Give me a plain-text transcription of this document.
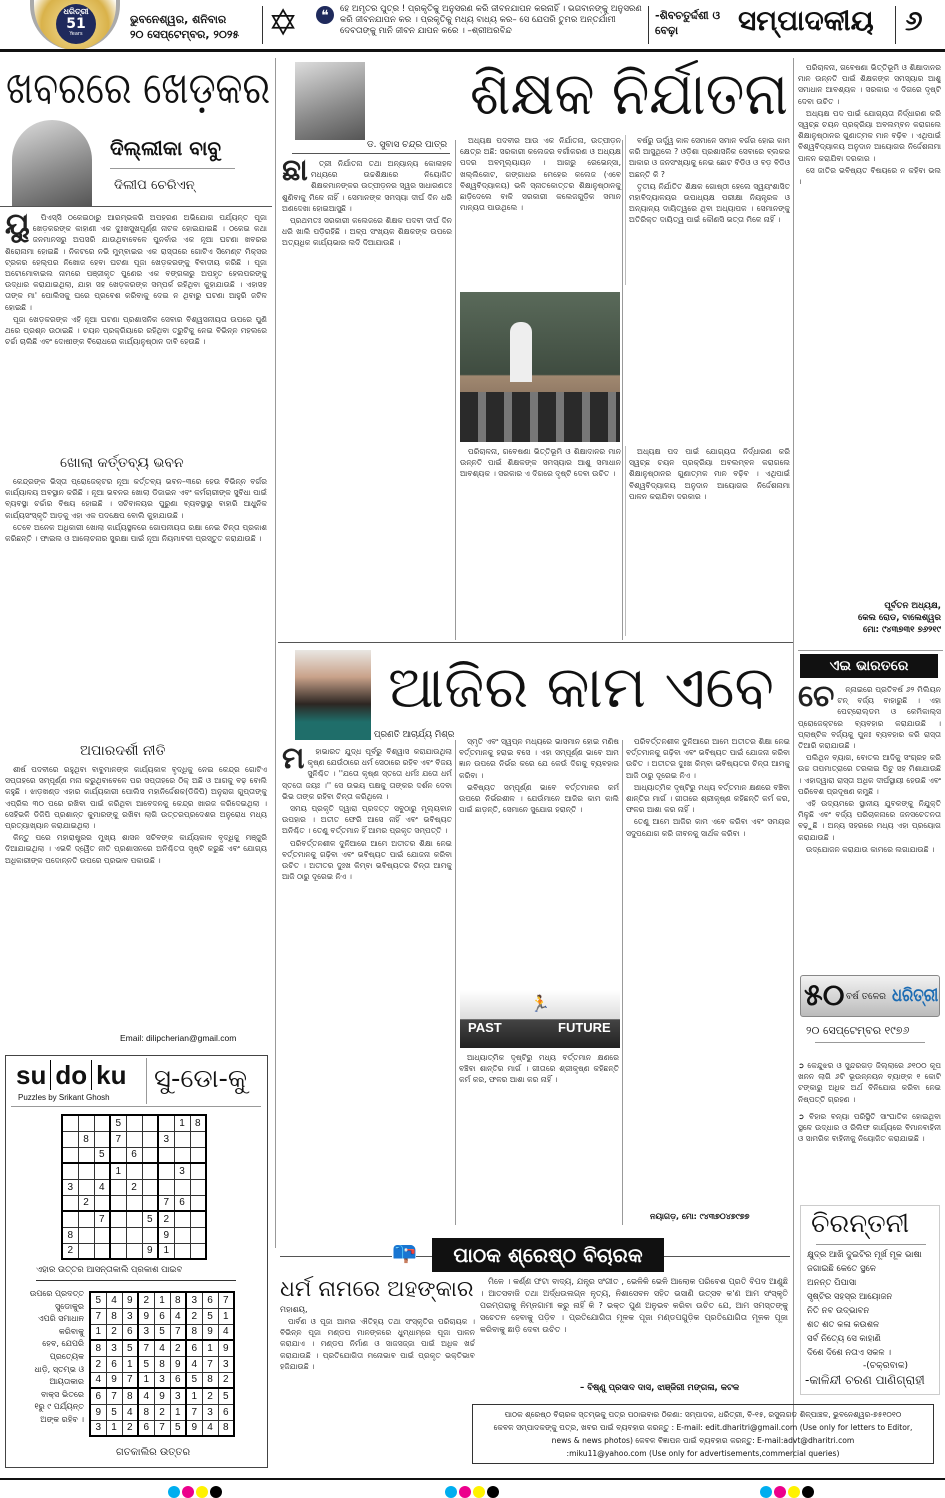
ଧରିତ୍ରୀ
51
Years
ଭୁବନେଶ୍ୱର, ଶନିବାର
୨୦ ସେପ୍ଟେମ୍ବର, ୨୦୨୫ ✡	❝	ହେ ଅମୃତର ପୁତ୍ର ! ପ୍ରକୃତିକୁ ଅନୁସରଣ କରି ଜୀବନଯାପନ କରନାହିଁ । ଭଗବାନଙ୍କୁ ଅନୁସରଣ କରି ଜୀବନଯାପନ କର । ପ୍ରକୃତିକୁ ମଧ୍ୟ ବାଧ୍ୟ କର– ସେ ଯେପରି ତୁମର ଅନ୍ତର୍ଯାମୀ ଦେବତାଙ୍କୁ ମାନି ଜୀବନ ଯାପନ କରେ । –ଶ୍ରୀଅରବିନ୍ଦ
-ଶିବଚତୁର୍ଦ୍ଦଶୀ ଓ ବେଢ଼ା	ସମ୍ପାଦକୀୟ	୬
ଖବରରେ ଖେଡ଼କର
ଦିଲ୍ଲୀକା ବାବୁ
ଦିଲୀପ ଚେରିଏନ୍
ୟୁ	ପିଏସ୍‌ସି ଠକେଇଠାରୁ ଆରମ୍ଭକରି ଅପହରଣ ଅଭିଯୋଗ ପର୍ଯ୍ୟନ୍ତ ପୂଜା ଖେଡ଼କରଙ୍କ କାହାଣୀ ଏକ ଦୁଃଖସୁଖପୂର୍ଣ୍ଣ ନାଟକ ହୋଇଯାଇଛି । ଠକେଇ କଥା ଜନମାନସରୁ ଅପସରି ଯାଉଥିବାବେଳେ ପୁନର୍ବାର ଏକ ନୂଆ ଘଟଣା ଖବରର ଶିରୋନାମା ହୋଇଛି । ନିକଟରେ ନଭି ମୁମ୍ବାଇର ଏକ ରାସ୍ତାରେ ଗୋଟିଏ ସିମେଣ୍ଟ ମିକ୍ସର ଟ୍ରକର ହେଲ୍‌ପର ନିଖୋଜ ହେବା ଘଟଣା ପୂଜା ଖେଡ଼କରଙ୍କୁ ବିବାଦୀୟ କରିଛି । ପୂଜା ଅଟୋମୋବାଇଲ ନାମରେ ପଞ୍ଜୀକୃତ ପୁଣେର ଏକ ବଙ୍ଗଳାରୁ ଅପହୃତ ହେଲପରଙ୍କୁ ଉଦ୍ଧାର କରାଯାଇଥିଲା, ଯାହା ସହ ଖେଡ଼କରଙ୍କ ସମ୍ପର୍କ ରହିଥିବା କୁହାଯାଉଛି । ଏହାସହ ତାଙ୍କ ମା' ପୋଲିସକୁ ଘରେ ପ୍ରବେଶ କରିବାକୁ ଦେଇ ନ ଥିବାରୁ ଘଟଣା ଆହୁରି ଜଟିଳ ହୋଇଛି ।

ପୂଜା ଖେଡ଼କରଙ୍କ ଏହି ନୂଆ ଘଟଣା ପ୍ରଶାସନିକ ସେବାର ବିଶ୍ୱସନୀୟତା ଉପରେ ପୁଣି ଥରେ ପ୍ରଶ୍ନ ଉଠାଇଛି । ଚୟନ ପ୍ରକ୍ରିୟାରେ ରହିଥିବା ତ୍ରୁଟିକୁ ନେଇ ବିଭିନ୍ନ ମହଲରେ ଚର୍ଚ୍ଚା ଚାଲିଛି ଏବଂ ଦୋଷୀଙ୍କ ବିରୋଧରେ କାର୍ଯ୍ୟାନୁଷ୍ଠାନ ଦାବି ହେଉଛି ।

ଖୋଲା କର୍ତ୍ତବ୍ୟ ଭବନ

କେନ୍ଦ୍ରଙ୍କ ଭିସ୍ତା ପ୍ରୋଜେକ୍ଟର ନୂଆ କର୍ତ୍ତବ୍ୟ ଭବନ–୩ରେ ହେଉ ବିଭିନ୍ନ ବର୍ଗର କାର୍ଯ୍ୟାଳୟ ଅବସ୍ଥାନ କରିଛି । ନୂଆ ଭବନର ଖୋଲା ଡିଜାଇନ ଏବଂ କର୍ମଚାରୀଙ୍କ ସୁବିଧା ପାଇଁ ବ୍ୟବସ୍ଥା ଚର୍ଚ୍ଚାର ବିଷୟ ହୋଇଛି । ସଚିବାଳୟର ପୁରୁଣା ବ୍ୟବସ୍ଥାରୁ ବାହାରି ଆଧୁନିକ କାର୍ଯ୍ୟସଂସ୍କୃତି ଆଡ଼କୁ ଏହା ଏକ ପଦକ୍ଷେପ ବୋଲି କୁହାଯାଉଛି ।

ତେବେ ଅନେକ ଅଧିକାରୀ ଖୋଲା କାର୍ଯ୍ୟସ୍ଥଳରେ ଗୋପନୀୟତା ରକ୍ଷା ନେଇ ଚିନ୍ତା ପ୍ରକାଶ କରିଛନ୍ତି । ଫାଇଲ ଓ ଆଲୋଚନାର ସୁରକ୍ଷା ପାଇଁ ନୂଆ ନିୟମାବଳୀ ପ୍ରସ୍ତୁତ କରାଯାଉଛି ।

ଅପାରଦର୍ଶୀ ନୀତି

ଶୀର୍ଷ ପଦବୀରେ ରହୁଥିବା ବାବୁମାନଙ୍କ କାର୍ଯ୍ୟକାଳ ବୃଦ୍ଧିକୁ ନେଇ କେନ୍ଦ୍ର ଗୋଟିଏ ସପ୍ତାହରେ ସମ୍ପୂର୍ଣ୍ଣ ମନା କରୁଥିବାବେଳେ ପର ସପ୍ତାହରେ ଠିକ୍ ଅଛି ଓ ଆଗକୁ ବଢ଼ ବୋଲି କହୁଛି । ଝାଡ଼ଖଣ୍ଡ ଏହାର କାର୍ଯ୍ୟକାରୀ ପୋଲିସ ମହାନିର୍ଦ୍ଦେଶକ(ଡିଜିପି) ଅନୁରାଗ ଗୁପ୍ତାଙ୍କୁ ଏପ୍ରିଲ ୩୦ ପରେ ରଖିବା ପାଇଁ କରିଥିବା ଆବେଦନକୁ କେନ୍ଦ୍ର ଖାରଜ କରିଦେଇଥିଲା । ସେହିଭଳି ଡିଜିପି ପ୍ରଶାନ୍ତ କୁମାରଙ୍କୁ ରଖିବା ଲାଗି ଉତ୍ତରପ୍ରଦେଶର ଅନୁରୋଧ ମଧ୍ୟ ପ୍ରତ୍ୟାଖ୍ୟାନ କରାଯାଇଥିଲା ।

କିନ୍ତୁ ପରେ ମହାରାଷ୍ଟ୍ରର ମୁଖ୍ୟ ଶାସନ ସଚିବଙ୍କ କାର୍ଯ୍ୟକାଳ ବୃଦ୍ଧିକୁ ମଞ୍ଜୁରି ଦିଆଯାଇଥିଲା । ଏଭଳି ଦ୍ୱୈତ ନୀତି ପ୍ରଶାସନରେ ଅନିଶ୍ଚିତତା ସୃଷ୍ଟି କରୁଛି ଏବଂ ଯୋଗ୍ୟ ଅଧିକାରୀଙ୍କ ପଦୋନ୍ନତି ଉପରେ ପ୍ରଭାବ ପକାଉଛି ।

Email: dilipcherian@gmail.com
su do ku
Puzzles by Srikant Ghosh
ସୁ-ଡୋ-କୁ
			5				1	8
	8		7			3		
		5		6				
			1				3	
3		4		2				
	2					7	6	
		7			5	2		
8						9		
2					9	1		
ଏହାର ଉତ୍ତର ଆସନ୍ତାକାଲି ପ୍ରକାଶ ପାଇବ
ଉପରେ ପ୍ରଦତ୍ତ
ସୁଡୋକୁର
ଏପରି ସମାଧାନ
କରିବାକୁ
ହେବ, ଯେପରି
ପ୍ରତ୍ୟେକ
ଧାଡ଼ି, ସ୍ତମ୍ଭ ଓ
ଆୟତାକାର
ବାକ୍ସ ଭିତରେ
୧ରୁ ୯ ପର୍ଯ୍ୟନ୍ତ
ଅଙ୍କ ରହିବ ।
5	4	9	2	1	8	3	6	7
7	8	3	9	6	4	2	5	1
1	2	6	3	5	7	8	9	4
8	3	5	7	4	2	6	1	9
2	6	1	5	8	9	4	7	3
4	9	7	1	3	6	5	8	2
6	7	8	4	9	3	1	2	5
9	5	4	8	2	1	7	3	6
3	1	2	6	7	5	9	4	8
ଗତକାଲିର ଉତ୍ତର
ଡ. ସୁବାସ ଚନ୍ଦ୍ର ପାତ୍ର
ଶିକ୍ଷକ ନିର୍ଯାତନା
ଛା	ତ୍ରୀ ନିର୍ଯାତନା ତଥା ଅନ୍ୟାନ୍ୟ କୋଳାହଳ ମଧ୍ୟରେ ଉଚ୍ଚଶିକ୍ଷାରେ ନିୟୋଜିତ ଶିକ୍ଷକମାନଙ୍କର ଉତ୍ପୀଡ଼ନର ସ୍ୱର ସାଧାରଣତଃ ଶୁଣିବାକୁ ମିଳେ ନାହିଁ । ସେମାନଙ୍କ ସମସ୍ୟା ଦୀର୍ଘ ଦିନ ଧରି ଅଣଦେଖା ହୋଇଆସୁଛି ।

ପ୍ରଥମତଃ ସରକାରୀ କଲେଜରେ ଶିକ୍ଷକ ପଦବୀ ଦୀର୍ଘ ଦିନ ଧରି ଖାଲି ପଡ଼ିରହିଛି । ଅଳ୍ପ ସଂଖ୍ୟକ ଶିକ୍ଷକଙ୍କ ଉପରେ ଅତ୍ୟଧିକ କାର୍ଯ୍ୟଭାର ଲଦି ଦିଆଯାଉଛି ।

ଅଧ୍ୟକ୍ଷ ପଦବୀର ଆଉ ଏକ ନିର୍ଯାତନା, ଉତ୍ପୀଡ଼ନ କ୍ଷେତ୍ର ଅଛି: ସରକାରୀ କଲେଜର ବର୍ଗୀକରଣ ଓ ଅଧ୍ୟକ୍ଷ ପଦର ଅବମୂଲ୍ୟାୟନ । ଆଗରୁ ରେଭେନ୍ସା, ଖଲ୍ଲିକୋଟ, ଗଙ୍ଗାଧର ମେହେର କଲେଜ (ଏବେ ବିଶ୍ୱବିଦ୍ୟାଳୟ) ଭଳି ସ୍ନାତକୋତ୍ତର ଶିକ୍ଷାନୁଷ୍ଠାନକୁ ଛାଡ଼ିଦେଲେ ବାକି ସରକାରୀ କଲେଜଗୁଡ଼ିକ ସମାନ ମାନ୍ୟତା ପାଉଥିଲେ ।

ବର୍ଷରୁ ଊର୍ଦ୍ଧ୍ୱ କାଳ ସେମାନେ ସମାନ ବର୍ଗର ହୋଇ କାମ କରି ଆସୁଥିଲେ ? ଓଡ଼ିଶା ପ୍ରଶାସନିକ ସେବାରେ ବ୍ଲକର ଆକାର ଓ ଜନସଂଖ୍ୟାକୁ ନେଇ ଛୋଟ ବିଡିଓ ଓ ବଡ଼ ବିଡିଓ ଅଛନ୍ତି କି ?

ତୃତୀୟ ନିର୍ଯାତିତ ଶିକ୍ଷକ ଗୋଷ୍ଠୀ ହେଲେ ସ୍ୱୟଂଶାସିତ ମହାବିଦ୍ୟାଳୟର ଉପାଧ୍ୟକ୍ଷ ପରୀକ୍ଷା ନିୟନ୍ତ୍ରକ ଓ ଅନ୍ୟାନ୍ୟ ଦାୟିତ୍ୱରେ ଥିବା ଅଧ୍ୟାପକ । ସେମାନଙ୍କୁ ଅତିରିକ୍ତ ଦାୟିତ୍ୱ ପାଇଁ କୌଣସି ଭତ୍ତା ମିଳେ ନାହିଁ ।

ପରିଚାଳନା, ଗବେଷଣା ଭିତ୍ତିଭୂମି ଓ ଶିକ୍ଷାଦାନର ମାନ ଉନ୍ନତି ପାଇଁ ଶିକ୍ଷକଙ୍କ ସମସ୍ୟାର ଆଶୁ ସମାଧାନ ଆବଶ୍ୟକ । ସରକାର ଏ ଦିଗରେ ଦୃଷ୍ଟି ଦେବା ଉଚିତ ।

ଅଧ୍ୟକ୍ଷ ପଦ ପାଇଁ ଯୋଗ୍ୟତା ନିର୍ଦ୍ଧାରଣ କରି ସ୍ୱଚ୍ଛ ଚୟନ ପ୍ରକ୍ରିୟା ଅବଲମ୍ବନ କରାଗଲେ ଶିକ୍ଷାନୁଷ୍ଠାନର ଗୁଣାତ୍ମକ ମାନ ବଢ଼ିବ । ଏଥିପାଇଁ ବିଶ୍ୱବିଦ୍ୟାଳୟ ଅନୁଦାନ ଆୟୋଗର ନିର୍ଦ୍ଦେଶନାମା ପାଳନ କରାଯିବା ଦରକାର ।

ପରିଚାଳନା, ଗବେଷଣା ଭିତ୍ତିଭୂମି ଓ ଶିକ୍ଷାଦାନର ମାନ ଉନ୍ନତି ପାଇଁ ଶିକ୍ଷକଙ୍କ ସମସ୍ୟାର ଆଶୁ ସମାଧାନ ଆବଶ୍ୟକ । ସରକାର ଏ ଦିଗରେ ଦୃଷ୍ଟି ଦେବା ଉଚିତ ।

ଅଧ୍ୟକ୍ଷ ପଦ ପାଇଁ ଯୋଗ୍ୟତା ନିର୍ଦ୍ଧାରଣ କରି ସ୍ୱଚ୍ଛ ଚୟନ ପ୍ରକ୍ରିୟା ଅବଲମ୍ବନ କରାଗଲେ ଶିକ୍ଷାନୁଷ୍ଠାନର ଗୁଣାତ୍ମକ ମାନ ବଢ଼ିବ । ଏଥିପାଇଁ ବିଶ୍ୱବିଦ୍ୟାଳୟ ଅନୁଦାନ ଆୟୋଗର ନିର୍ଦ୍ଦେଶନାମା ପାଳନ କରାଯିବା ଦରକାର ।

ସେ ଜାତିର ଭବିଷ୍ୟତ ବିଷୟରେ ନ କହିବା ଭଲ ।

ପୂର୍ବତନ ଅଧ୍ୟକ୍ଷ,
କେଲ ରୋଡ, ବାଲେଶ୍ୱର
ମୋ: ୯୪୩୭୩୧ ୭୬୨୧୯
ଏଇ ଭାରତରେ
ଚେ	ନ୍ନାଇରେ ପ୍ରତିବର୍ଷ ୬୨ ମିଲିୟନ ଟନ୍ ବର୍ଜ୍ୟ ବାହାରୁଛି । ଏହା ପେଟ୍ରୋଲ୍ଡମ ଓ କେମିକାଲ୍ସ ପ୍ରୋଜେକ୍ଟରେ ବ୍ୟବହାର କରାଯାଉଛି । ପ୍ଲାଷ୍ଟିକ ବର୍ଜ୍ୟକୁ ପୁନଃ ବ୍ୟବହାର କରି ରାସ୍ତା ତିଆରି କରାଯାଉଛି ।

ପଲିଥିନ ବ୍ୟାଗ, ବୋତଲ ଆଦିକୁ ସଂଗ୍ରହ କରି ଉଚ୍ଚ ତାପମାତ୍ରାରେ ତରଳାଇ ପିଚୁ ସହ ମିଶାଯାଉଛି । ଏହାଦ୍ୱାରା ରାସ୍ତା ଅଧିକ ଦୀର୍ଘସ୍ଥାୟୀ ହେଉଛି ଏବଂ ପରିବେଶ ପ୍ରଦୂଷଣ କମୁଛି ।

ଏହି ଉଦ୍ୟମରେ ସ୍ଥାନୀୟ ଯୁବକଙ୍କୁ ନିଯୁକ୍ତି ମିଳୁଛି ଏବଂ ବର୍ଜ୍ୟ ପରିଚାଳନାରେ ଜନସଚେତନତା ବଢ଼ୁଛି । ଅନ୍ୟ ସହରରେ ମଧ୍ୟ ଏହା ପ୍ରୟୋଗ କରାଯାଉଛି ।

ଉଦ୍‌ଯୋଜନ କରାଯାଉ କାମରେ ଲଗାଯାଉଛି ।

୫୦ ବର୍ଷ ତଳେର ଧରିତ୍ରୀ
୨୦ ସେପ୍ଟେମ୍ବର ୧୯୭୬
➲ କେନ୍ଦୁଝର ଓ ସୁନ୍ଦରଗଡ଼ ଜିଲ୍ଲାରେ ୬୧୦୦ କୂପ ଖନନ ଲାଗି ୬ଟି ଭୂଉନ୍ନୟନ ବ୍ୟାଙ୍କ ୧ କୋଟି ଟଙ୍କାରୁ ଅଧିକ ଅର୍ଥ ବିନିଯୋଗ କରିବା ନେଇ ନିଷ୍ପତ୍ତି ଗ୍ରହଣ ।
➲ ବିହାର ବନ୍ୟା ପରିସ୍ଥିତି ସାଂଘାତିକ ହୋଇଥିବା ସ୍ଥଳେ ଉଦ୍ଧାର ଓ ରିଲିଫ କାର୍ଯ୍ୟରେ ବିମାନବାହିନୀ ଓ ସାମରିକ ବାହିନୀକୁ ନିୟୋଜିତ କରାଯାଇଛି ।
ଚିରନ୍ତନୀ
କ୍ଷୁଦ୍ର ଆଖି ଦୁଇଟିର ମୂର୍ଖ ମୂକ ଭାଷା
ଜଗାଇଛି କେତେ ସ୍ଥଳେ
ଅନନ୍ତ ପିପାସା
ସୃଷ୍ଟିର ସହସ୍ର ଆୟୋଜନ
ନିତି ନବ ଉଦ୍ଭାବନ
ଶତ ଶତ କଳା କଉଶଳ
ସର୍ବ ନିତ୍ୟେ ସେ କାହାଣି
ଦିଶେ ଦିଶେ ନତାଏ ସକଳ ।
-(ଚକ୍ରବାକ)
-କାଳିନ୍ଦୀ ଚରଣ ପାଣିଗ୍ରାହୀ
ପ୍ରଣତି ଆଚାର୍ଯ୍ୟ ମିଶ୍ର
ଆଜିର କାମ ଏବେ
ମ	ହାଭାରତ ଯୁଦ୍ଧ ପୂର୍ବରୁ ବିଶ୍ୱାସ କରାଯାଉଥିଲା କୃଷ୍ଣ ଯେଉଁଠାରେ ଧର୍ମ ସେଠାରେ ରହିବ ଏବଂ ବିଜୟ ସୁନିଶ୍ଚିତ । ''ଯତୋ କୃଷ୍ଣ ସ୍ତତୋ ଧର୍ମଃ ଯତୋ ଧର୍ମ ସ୍ତତୋ ଜୟଃ ।'' ସେ ଉଭୟ ପକ୍ଷକୁ ତାଙ୍କର ଦର୍ଶନ ଦେବା ଭିଭ ତାଙ୍କ ରହିବା ଚିନ୍ତା କରିଥିଲେ ।

ସମୟ ପ୍ରକୃତି ଦ୍ୱାରା ପ୍ରଦତ୍ତ ସବୁଠାରୁ ମୂଲ୍ୟବାନ ଉପହାର । ଅତୀତ ଫେରି ଆସେ ନାହିଁ ଏବଂ ଭବିଷ୍ୟତ ଅନିଶ୍ଚିତ । ତେଣୁ ବର୍ତ୍ତମାନ ହିଁ ଆମର ପ୍ରକୃତ ସମ୍ପତ୍ତି ।

ପରିବର୍ତ୍ତନଶୀଳ ଦୁନିଆରେ ଆମେ ଅତୀତର ଶିକ୍ଷା ନେଇ ବର୍ତ୍ତମାନକୁ ଗଢ଼ିବା ଏବଂ ଭବିଷ୍ୟତ ପାଇଁ ଯୋଜନା କରିବା ଉଚିତ । ଅତୀତର ଦୁଃଖ କିମ୍ବା ଭବିଷ୍ୟତର ଚିନ୍ତା ଆମକୁ ଆଜି ଠାରୁ ଦୂରେଇ ନିଏ ।

ସ୍ମୃତି ଏବଂ ସ୍ୱପ୍ନ ମଧ୍ୟରେ ଭାସମାନ ହୋଇ ମଣିଷ ବର୍ତ୍ତମାନକୁ ହରାଇ ବସେ । ଏହା ସମ୍ପୂର୍ଣ୍ଣ ଭାବେ ଆମ ଜ୍ଞାନ ଉପରେ ନିର୍ଭର କରେ ଯେ କେଉଁ ଦିଗକୁ ବ୍ୟବହାର କରିବା ।

ଭବିଷ୍ୟତ ସମ୍ପୂର୍ଣ୍ଣ ଭାବେ ବର୍ତ୍ତମାନର କର୍ମ ଉପରେ ନିର୍ଭରଶୀଳ । ଯେଉଁମାନେ ଆଜିର କାମ କାଲି ପାଇଁ ଛାଡ଼ନ୍ତି, ସେମାନେ ସୁଯୋଗ ହରାନ୍ତି ।

PAST	FUTURE
🏃

ଆଧ୍ୟାତ୍ମିକ ଦୃଷ୍ଟିରୁ ମଧ୍ୟ ବର୍ତ୍ତମାନ କ୍ଷଣରେ ବଞ୍ଚିବା ଶାନ୍ତିର ମାର୍ଗ । ଗୀତାରେ ଶ୍ରୀକୃଷ୍ଣ କହିଛନ୍ତି କର୍ମ କର, ଫଳର ଆଶା କର ନାହିଁ ।

ପରିବର୍ତ୍ତନଶୀଳ ଦୁନିଆରେ ଆମେ ଅତୀତର ଶିକ୍ଷା ନେଇ ବର୍ତ୍ତମାନକୁ ଗଢ଼ିବା ଏବଂ ଭବିଷ୍ୟତ ପାଇଁ ଯୋଜନା କରିବା ଉଚିତ । ଅତୀତର ଦୁଃଖ କିମ୍ବା ଭବିଷ୍ୟତର ଚିନ୍ତା ଆମକୁ ଆଜି ଠାରୁ ଦୂରେଇ ନିଏ ।

ଆଧ୍ୟାତ୍ମିକ ଦୃଷ୍ଟିରୁ ମଧ୍ୟ ବର୍ତ୍ତମାନ କ୍ଷଣରେ ବଞ୍ଚିବା ଶାନ୍ତିର ମାର୍ଗ । ଗୀତାରେ ଶ୍ରୀକୃଷ୍ଣ କହିଛନ୍ତି କର୍ମ କର, ଫଳର ଆଶା କର ନାହିଁ ।

ତେଣୁ ଆମେ ଆଜିର କାମ ଏବେ କରିବା ଏବଂ ସମୟର ସଦୁପଯୋଗ କରି ଜୀବନକୁ ସାର୍ଥକ କରିବା ।

ନୟାଗଡ଼, ମୋ: ୯୪୩୭୦୪୭୯୭୭
📪	ପାଠକ ଶ୍ରେଷ୍ଠ ବିଚାରକ
ଧର୍ମ ନାମରେ ଅହଙ୍କାର
ମହାଶୟ,

ପାର୍ବଣ ଓ ପୂଜା ଆମର ଐତିହ୍ୟ ତଥା ସଂସ୍କୃତିର ପରିଚାୟକ । ବିଭିନ୍ନ ପୂଜା ମଣ୍ଡପ ମାନଙ୍କରେ ଧୁମ୍‌ଧାମ୍‌ରେ ପୂଜା ପାଳନ କରାଯାଏ । ମଣ୍ଡପ ନିର୍ମାଣ ଓ ସାଜସଜ୍ଜା ପାଇଁ ଅଧିକ ଖର୍ଚ୍ଚ କରାଯାଉଛି । ପ୍ରତିଯୋଗିତା ମନୋଭାବ ପାଇଁ ପ୍ରକୃତ ଭକ୍ତିଭାବ ହଜିଯାଉଛି ।

ମିଳେ । କର୍ଣ୍ଣ ଫଟା ବାଦ୍ୟ, ଯନ୍ତ୍ର ସଂଗୀତ , ଭେଳିକି ଭେଳି ଆଲୋକ ପରିବେଶ ପ୍ରତି ବିପଦ ଆଣୁଛି । ଆତସବାଜି ତଥା ଅର୍ଦ୍ଧଉଲଗ୍ନ ନୃତ୍ୟ, ନିଶାସେବନ ସହିତ ଭସାଣି ଉତ୍ସବ କ'ଣ ଆମ ସଂସ୍କୃତି ପରମ୍ପରାକୁ ନିମ୍ନଗାମୀ କରୁ ନାହିଁ କି ? ଭକ୍ତ ପୁଣ ଅନୁଭବ କରିବା ଉଚିତ ଯେ, ଆମ ସମସ୍ତଙ୍କୁ ସଚେତନ ହେବାକୁ ପଡ଼ିବ । ପ୍ରତିଯୋଗିତା ମୂଳକ ପୂଜା ମଣ୍ଡପଗୁଡ଼ିକ ପ୍ରତିଯୋଗିତା ମୂଳକ ପୂଜା କରିବାକୁ ଛାଡ଼ି ଦେବା ଉଚିତ ।

– ବିଷ୍ଣୁ ପ୍ରସାଦ ଦାସ, ଝାଞ୍ଜିରୀ ମଙ୍ଗଳା, କଟକ
ପାଠକ ଶ୍ରେଷ୍ଠ ବିଚାରକ ସ୍ତମ୍ଭକୁ ପତ୍ର ପଠାଇବାର ଠିକଣା: ସମ୍ପାଦକ, ଧରିତ୍ରୀ, ବି-୧୫, ରସୁଲଗଡ ଶିଳ୍ପାଞ୍ଚଳ, ଭୁବନେଶ୍ୱର-୭୫୧୦୧୦
କେବଳ ସମ୍ପାଦକଙ୍କୁ ପତ୍ର, ଖବର ପାଇଁ ବ୍ୟବହାର କରନ୍ତୁ : E-mail: edit.dharitri@gmail.com (Use only for letters to Editor,
news & news photos) କେବଳ ବିଜ୍ଞାପନ ପାଇଁ ବ୍ୟବହାର କରନ୍ତୁ: E-mail:advt@dharitri.com
:miku11@yahoo.com (Use only for advertisements,commercial queries)
